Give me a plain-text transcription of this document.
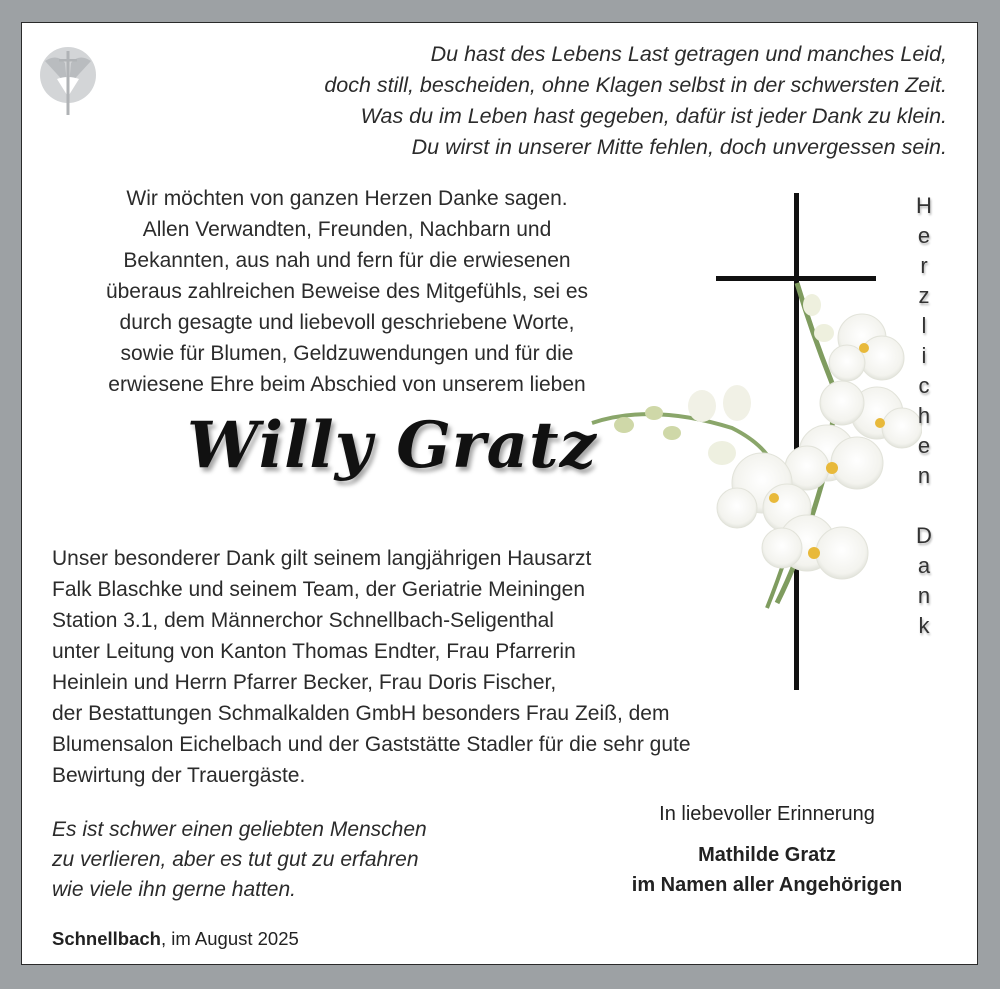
Du hast des Lebens Last getragen und manches Leid,
doch still, bescheiden, ohne Klagen selbst in der schwersten Zeit.
Was du im Leben hast gegeben, dafür ist jeder Dank zu klein.
Du wirst in unserer Mitte fehlen, doch unvergessen sein.
Wir möchten von ganzen Herzen Danke sagen.
Allen Verwandten, Freunden, Nachbarn und
Bekannten, aus nah und fern für die erwiesenen
überaus zahlreichen Beweise des Mitgefühls, sei es
durch gesagte und liebevoll geschriebene Worte,
sowie für Blumen, Geldzuwendungen und für die
erwiesene Ehre beim Abschied von unserem lieben
Willy Gratz
H
e
r
z
l
i
c
h
e
n
D
a
n
k
Unser besonderer Dank gilt seinem langjährigen Hausarzt
Falk Blaschke und seinem Team, der Geriatrie Meiningen
Station 3.1, dem Männerchor Schnellbach-Seligenthal
unter Leitung von Kanton Thomas Endter, Frau Pfarrerin
Heinlein und Herrn Pfarrer Becker, Frau Doris Fischer,
der Bestattungen Schmalkalden GmbH besonders Frau Zeiß, dem
Blumensalon Eichelbach und der Gaststätte Stadler für die sehr gute
Bewirtung der Trauergäste.
Es ist schwer einen geliebten Menschen
zu verlieren, aber es tut gut zu erfahren
wie viele ihn gerne hatten.
Schnellbach, im August 2025
In liebevoller Erinnerung
Mathilde Gratz
im Namen aller Angehörigen
